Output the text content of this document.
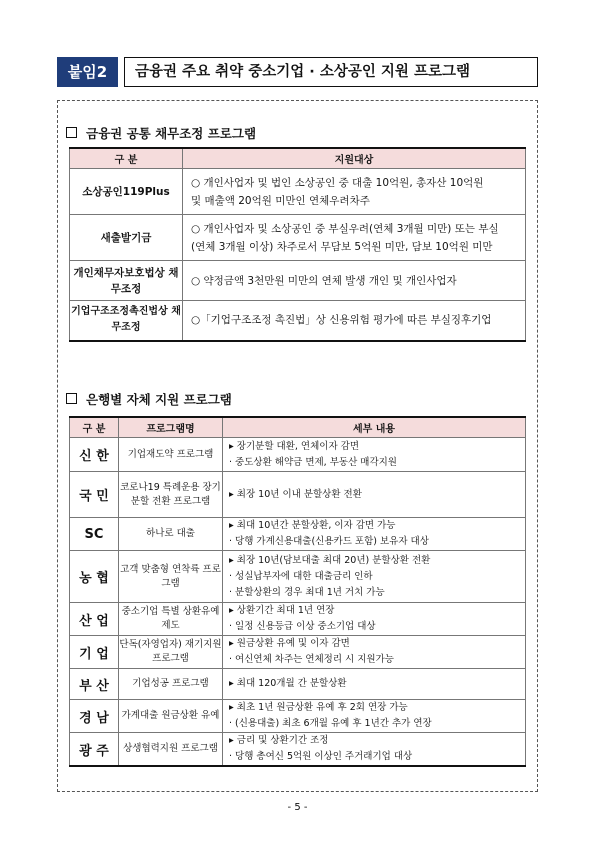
붙임2	금융권 주요 취약 중소기업 · 소상공인 지원 프로그램
금융권 공통 채무조정 프로그램
구 분	지원대상
소상공인119Plus	○ 개인사업자 및 법인 소상공인 중 대출 10억원, 총자산 10억원
및 매출액 20억원 미만인 연체우려차주

새출발기금	○ 개인사업자 및 소상공인 중 부실우려(연체 3개월 미만) 또는 부실
(연체 3개월 이상) 차주로서 무담보 5억원 미만, 담보 10억원 미만

개인채무자보호법상 채무조정	○ 약정금액 3천만원 미만의 연체 발생 개인 및 개인사업자

기업구조조정촉진법상 채무조정	○「기업구조조정 촉진법」상 신용위험 평가에 따른 부실징후기업
은행별 자체 지원 프로그램
구 분	프로그램명	세부 내용
신 한	기업재도약 프로그램	▸ 장기분할 대환, 연체이자 감면
· 중도상환 해약금 면제, 부동산 매각지원

국 민	코로나19 특례운용 장기분할 전환 프로그램	▸ 최장 10년 이내 분할상환 전환

SC	하나로 대출	▸ 최대 10년간 분할상환, 이자 감면 가능
· 당행 가계신용대출(신용카드 포함) 보유자 대상

농 협	고객 맞춤형 연착륙 프로그램	▸ 최장 10년(담보대출 최대 20년) 분할상환 전환
· 성실납부자에 대한 대출금리 인하
· 분할상환의 경우 최대 1년 거치 가능

산 업	중소기업 특별 상환유예제도	▸ 상환기간 최대 1년 연장
· 일정 신용등급 이상 중소기업 대상

기 업	단독(자영업자) 재기지원 프로그램	▸ 원금상환 유예 및 이자 감면
· 여신연체 차주는 연체정리 시 지원가능

부 산	기업성공 프로그램	▸ 최대 120개월 간 분할상환

경 남	가계대출 원금상환 유예	▸ 최초 1년 원금상환 유예 후 2회 연장 가능
· (신용대출) 최초 6개월 유예 후 1년간 추가 연장

광 주	상생협력지원 프로그램	▸ 금리 및 상환기간 조정
· 당행 총여신 5억원 이상인 주거래기업 대상
- 5 -
